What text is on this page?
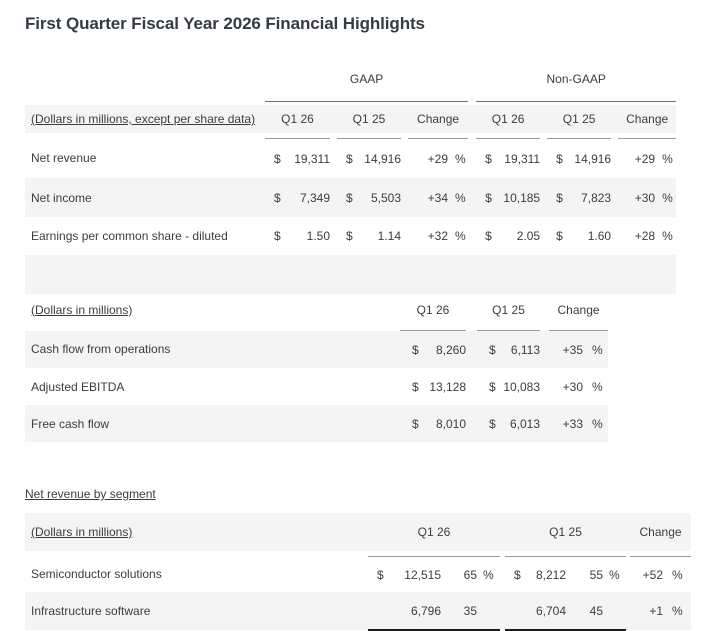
First Quarter Fiscal Year 2026 Financial Highlights
	GAAP									Non-GAAP							

(Dollars in millions, except per share data)	Q1 26			Q1 25			Change			Q1 26			Q1 25			Change	

Net revenue	$	19,311		$	14,916		+29	%		$	19,311		$	14,916		+29	%
Net income	$	7,349		$	5,503		+34	%		$	10,185		$	7,823		+30	%
Earnings per common share - diluted	$	1.50		$	1.14		+32	%		$	2.05		$	1.60		+28	%

(Dollars in millions)	Q1 26			Q1 25			Change	

Cash flow from operations	$	8,260		$	6,113		+35	%
Adjusted EBITDA	$	13,128		$	10,083		+30	%
Free cash flow	$	8,010		$	6,013		+33	%
Net revenue by segment
(Dollars in millions)	Q1 26					Q1 25					Change	

Semiconductor solutions	$	12,515	65	%		$	8,212	55	%		+52	%
Infrastructure software		6,796	35				6,704	45			+1	%
